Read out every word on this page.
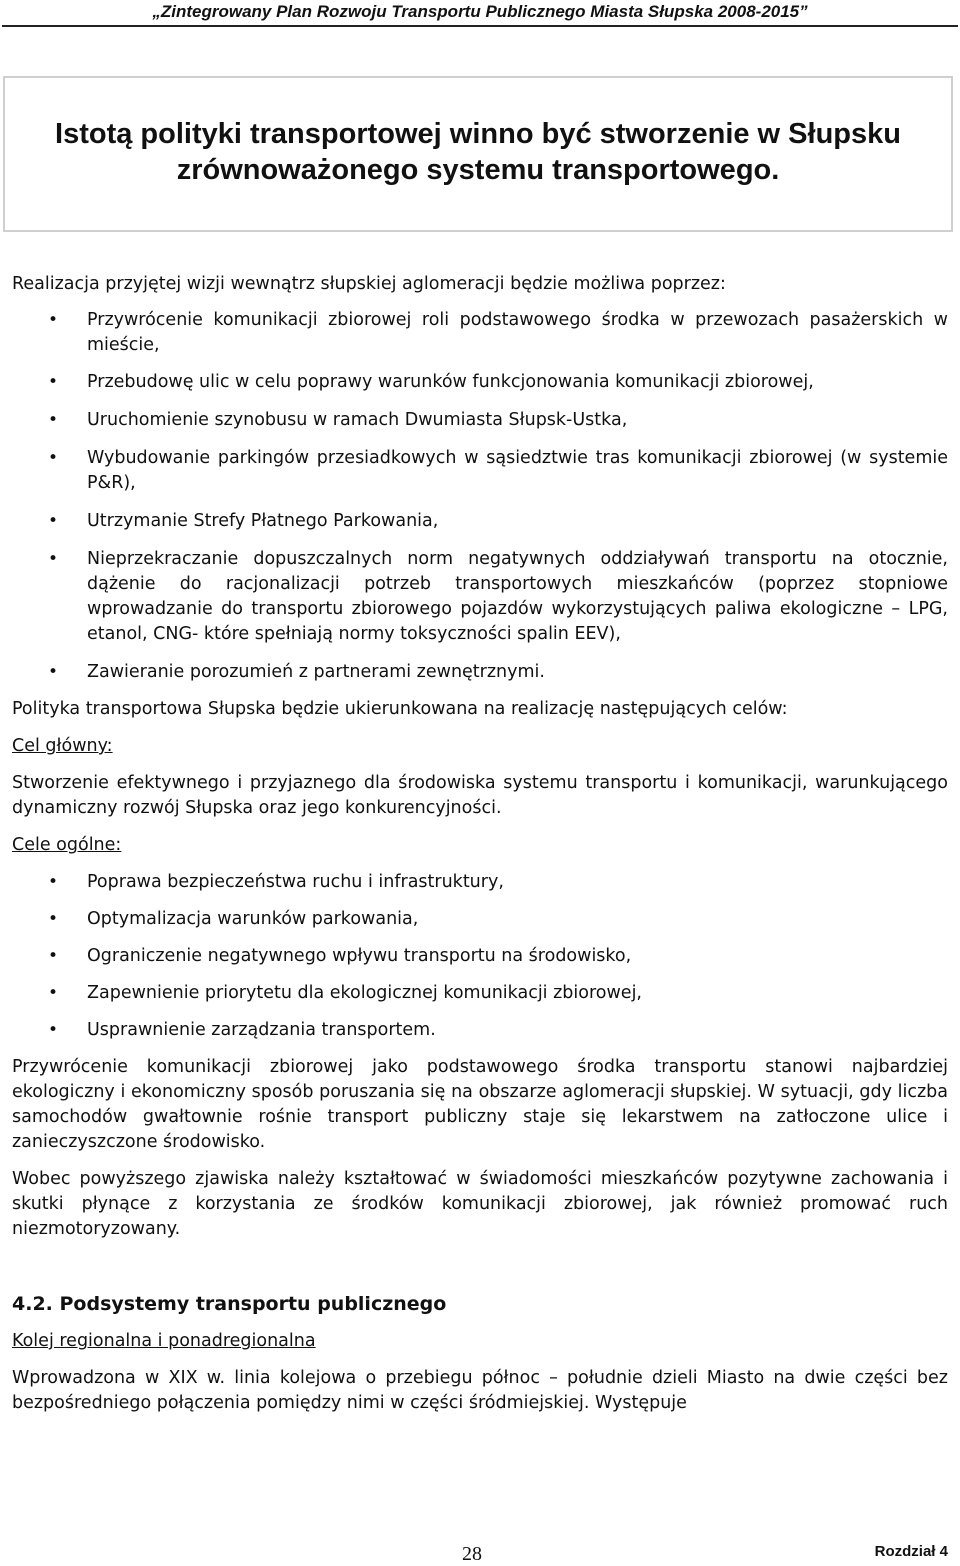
„Zintegrowany Plan Rozwoju Transportu Publicznego Miasta Słupska 2008-2015”
Istotą polityki transportowej winno być stworzenie w Słupsku zrównoważonego systemu transportowego.

Realizacja przyjętej wizji wewnątrz słupskiej aglomeracji będzie możliwa poprzez:

• Przywrócenie komunikacji zbiorowej roli podstawowego środka w przewozach pasażerskich w mieście,
• Przebudowę ulic w celu poprawy warunków funkcjonowania komunikacji zbiorowej,
• Uruchomienie szynobusu w ramach Dwumiasta Słupsk-Ustka,
• Wybudowanie parkingów przesiadkowych w sąsiedztwie tras komunikacji zbiorowej (w systemie P&R),
• Utrzymanie Strefy Płatnego Parkowania,
• Nieprzekraczanie dopuszczalnych norm negatywnych oddziaływań transportu na otocznie, dążenie do racjonalizacji potrzeb transportowych mieszkańców (poprzez stopniowe wprowadzanie do transportu zbiorowego pojazdów wykorzystujących paliwa ekologiczne – LPG, etanol, CNG- które spełniają normy toksyczności spalin EEV),
• Zawieranie porozumień z partnerami zewnętrznymi.

Polityka transportowa Słupska będzie ukierunkowana na realizację następujących celów:

Cel główny:

Stworzenie efektywnego i przyjaznego dla środowiska systemu transportu i komunikacji, warunkującego dynamiczny rozwój Słupska oraz jego konkurencyjności.

Cele ogólne:

• Poprawa bezpieczeństwa ruchu i infrastruktury,
• Optymalizacja warunków parkowania,
• Ograniczenie negatywnego wpływu transportu na środowisko,
• Zapewnienie priorytetu dla ekologicznej komunikacji zbiorowej,
• Usprawnienie zarządzania transportem.

Przywrócenie komunikacji zbiorowej jako podstawowego środka transportu stanowi najbardziej ekologiczny i ekonomiczny sposób poruszania się na obszarze aglomeracji słupskiej. W sytuacji, gdy liczba samochodów gwałtownie rośnie transport publiczny staje się lekarstwem na zatłoczone ulice i zanieczyszczone środowisko.

Wobec powyższego zjawiska należy kształtować w świadomości mieszkańców pozytywne zachowania i skutki płynące z korzystania ze środków komunikacji zbiorowej, jak również promować ruch niezmotoryzowany.

4.2. Podsystemy transportu publicznego

Kolej regionalna i ponadregionalna

Wprowadzona w XIX w. linia kolejowa o przebiegu północ – południe dzieli Miasto na dwie części bez bezpośredniego połączenia pomiędzy nimi w części śródmiejskiej. Występuje

28	Rozdział 4
